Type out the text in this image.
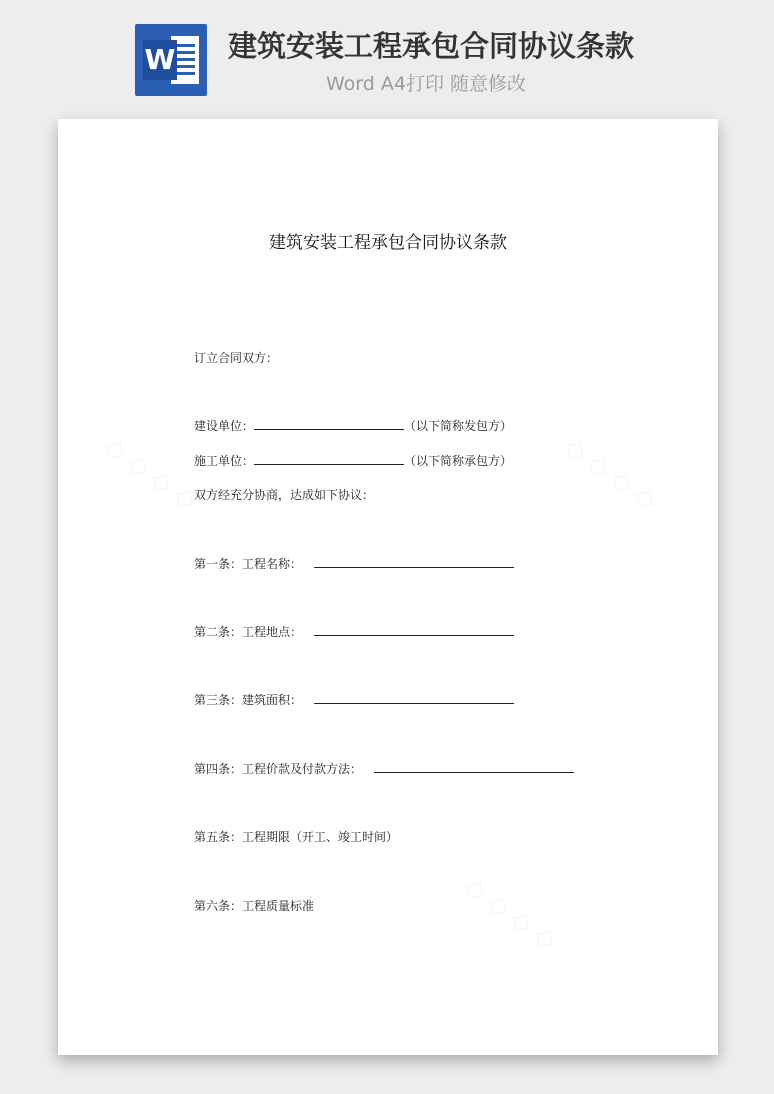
W 建筑安装工程承包合同协议条款
Word A4打印 随意修改
建筑安装工程承包合同协议条款
订立合同双方：
建设单位：	（以下简称发包方）
施工单位：	（以下简称承包方）
双方经充分协商，达成如下协议：
第一条：工程名称：
第二条：工程地点：
第三条：建筑面积：
第四条：工程价款及付款方法：
第五条：工程期限（开工、竣工时间）
第六条：工程质量标准
